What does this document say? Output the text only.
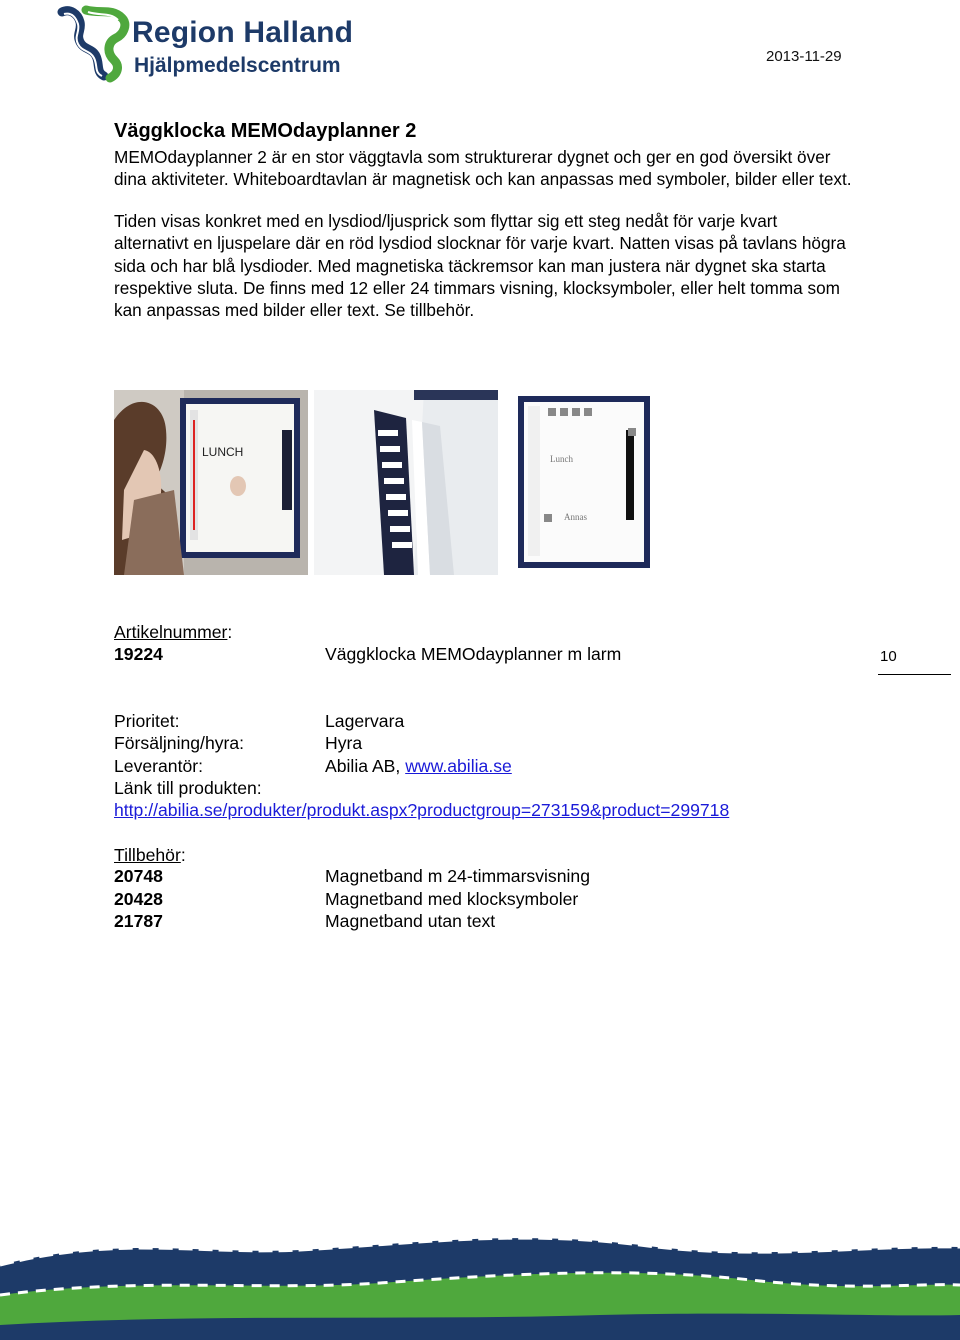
Region Halland
Hjälpmedelscentrum	2013-11-29
Väggklocka MEMOdayplanner 2
MEMOdayplanner 2 är en stor väggtavla som strukturerar dygnet och ger en god översikt över dina aktiviteter. Whiteboardtavlan är magnetisk och kan anpassas med symboler, bilder eller text.
Tiden visas konkret med en lysdiod/ljusprick som flyttar sig ett steg nedåt för varje kvart alternativt en ljuspelare där en röd lysdiod slocknar för varje kvart. Natten visas på tavlans högra sida och har blå lysdioder. Med magnetiska täckremsor kan man justera när dygnet ska starta respektive sluta. De finns med 12 eller 24 timmars visning, klocksymboler, eller helt tomma som kan anpassas med bilder eller text. Se tillbehör.
LUNCH	Lunch
Annas
Artikelnummer:
19224	Väggklocka MEMOdayplanner m larm	10
Prioritet:	Lagervara
Försäljning/hyra:	Hyra
Leverantör:	Abilia AB, www.abilia.se
Länk till produkten:
http://abilia.se/produkter/produkt.aspx?productgroup=273159&product=299718
Tillbehör:
20748	Magnetband m 24-timmarsvisning
20428	Magnetband med klocksymboler
21787	Magnetband utan text
